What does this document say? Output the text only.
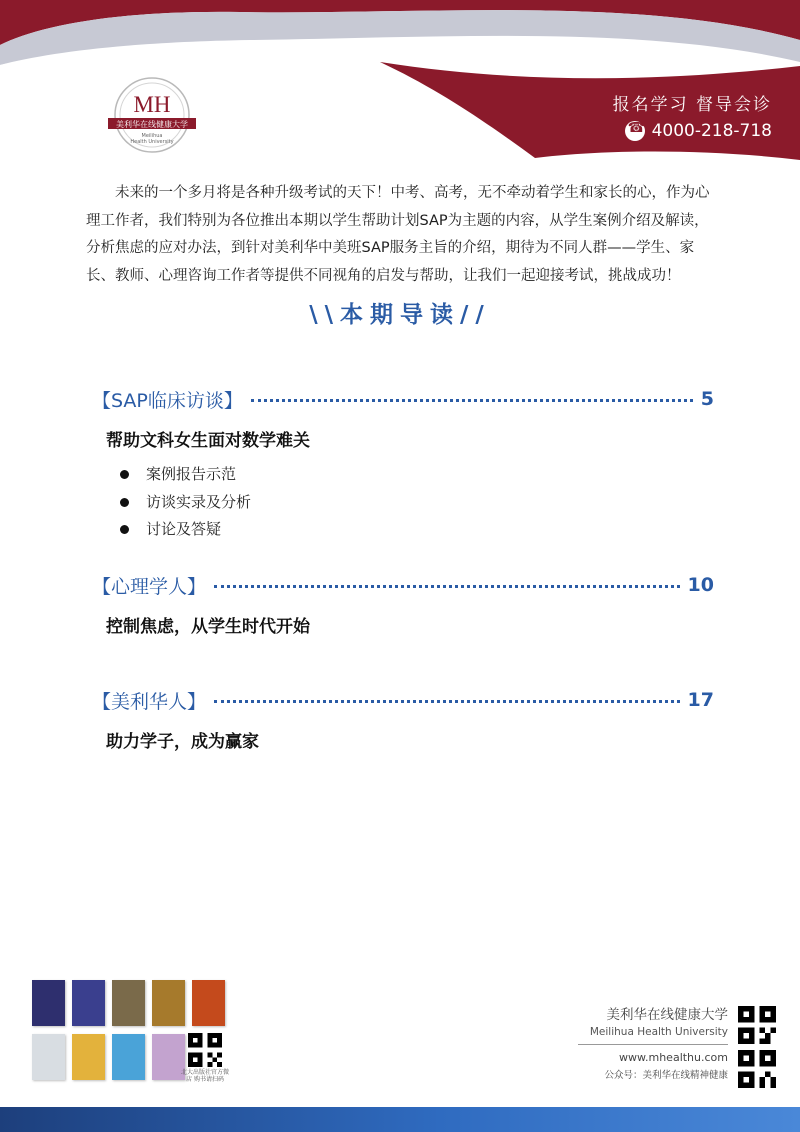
MH
美利华在线健康大学
Meilihua
Health University
报名学习 督导会诊
☎
4000-218-718

未来的一个多月将是各种升级考试的天下！中考、高考，无不牵动着学生和家长的心，作为心理工作者，我们特别为各位推出本期以学生帮助计划SAP为主题的内容，从学生案例介绍及解读，分析焦虑的应对办法，到针对美利华中美班SAP服务主旨的介绍，期待为不同人群——学生、家长、教师、心理咨询工作者等提供不同视角的启发与帮助，让我们一起迎接考试，挑战成功！

\\本期导读//
【SAP临床访谈】	5
帮助文科女生面对数学难关
案例报告示范
访谈实录及分析
讨论及答疑
【心理学人】	10
控制焦虑，从学生时代开始
【美利华人】	17
助力学子，成为赢家
北大出版社官方微店 购书请扫码
美利华在线健康大学
Meilihua Health University
www.mhealthu.com
公众号：美利华在线精神健康
